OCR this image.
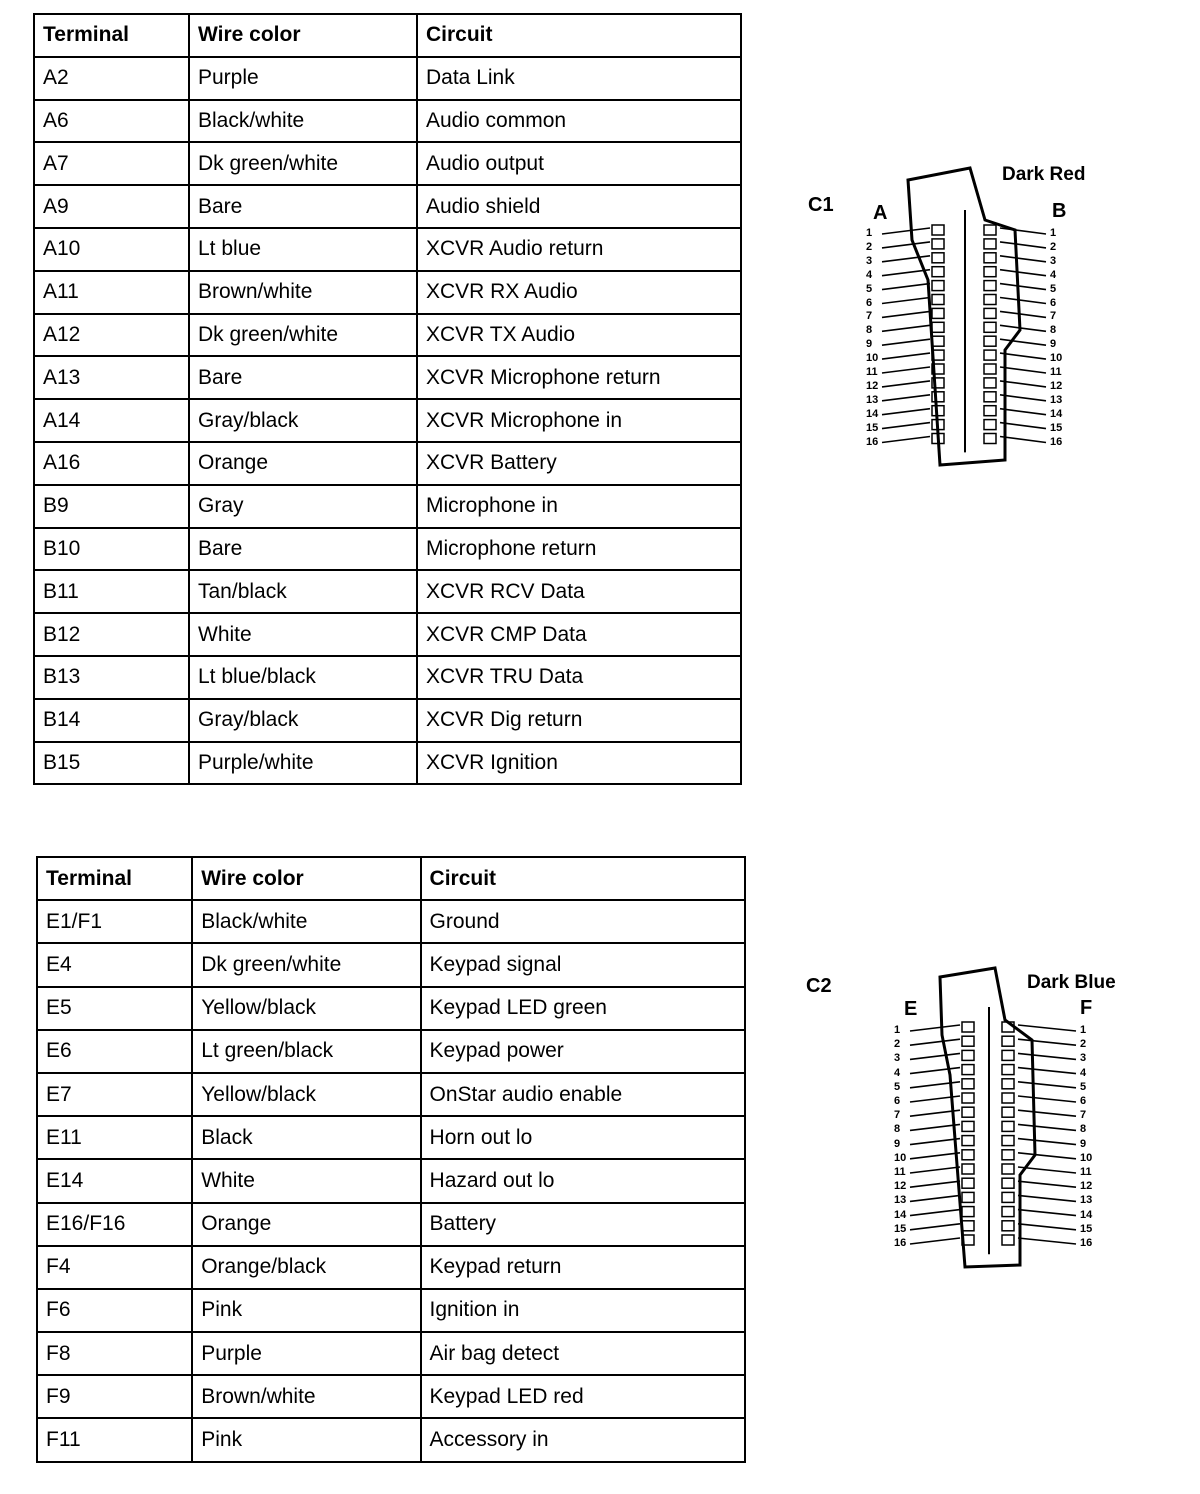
Terminal	Wire color	Circuit
A2	Purple	Data Link
A6	Black/white	Audio common
A7	Dk green/white	Audio output
A9	Bare	Audio shield
A10	Lt blue	XCVR Audio return
A11	Brown/white	XCVR RX Audio
A12	Dk green/white	XCVR TX Audio
A13	Bare	XCVR Microphone return
A14	Gray/black	XCVR Microphone in
A16	Orange	XCVR Battery
B9	Gray	Microphone in
B10	Bare	Microphone return
B11	Tan/black	XCVR RCV Data
B12	White	XCVR CMP Data
B13	Lt blue/black	XCVR TRU Data
B14	Gray/black	XCVR Dig return
B15	Purple/white	XCVR Ignition
C1
Dark Red
A	B
1
2
3
4
5
6
7
8
9
10
11
12
13
14
15
16
1
2
3
4
5
6
7
8
9
10
11
12
13
14
15
16
Terminal	Wire color	Circuit
E1/F1	Black/white	Ground
E4	Dk green/white	Keypad signal
E5	Yellow/black	Keypad LED green
E6	Lt green/black	Keypad power
E7	Yellow/black	OnStar audio enable
E11	Black	Horn out lo
E14	White	Hazard out lo
E16/F16	Orange	Battery
F4	Orange/black	Keypad return
F6	Pink	Ignition in
F8	Purple	Air bag detect
F9	Brown/white	Keypad LED red
F11	Pink	Accessory in
C2	Dark Blue
E	F
1
2
3
4
5
6
7
8
9
10
11
12
13
14
15
16
1
2
3
4
5
6
7
8
9
10
11
12
13
14
15
16
